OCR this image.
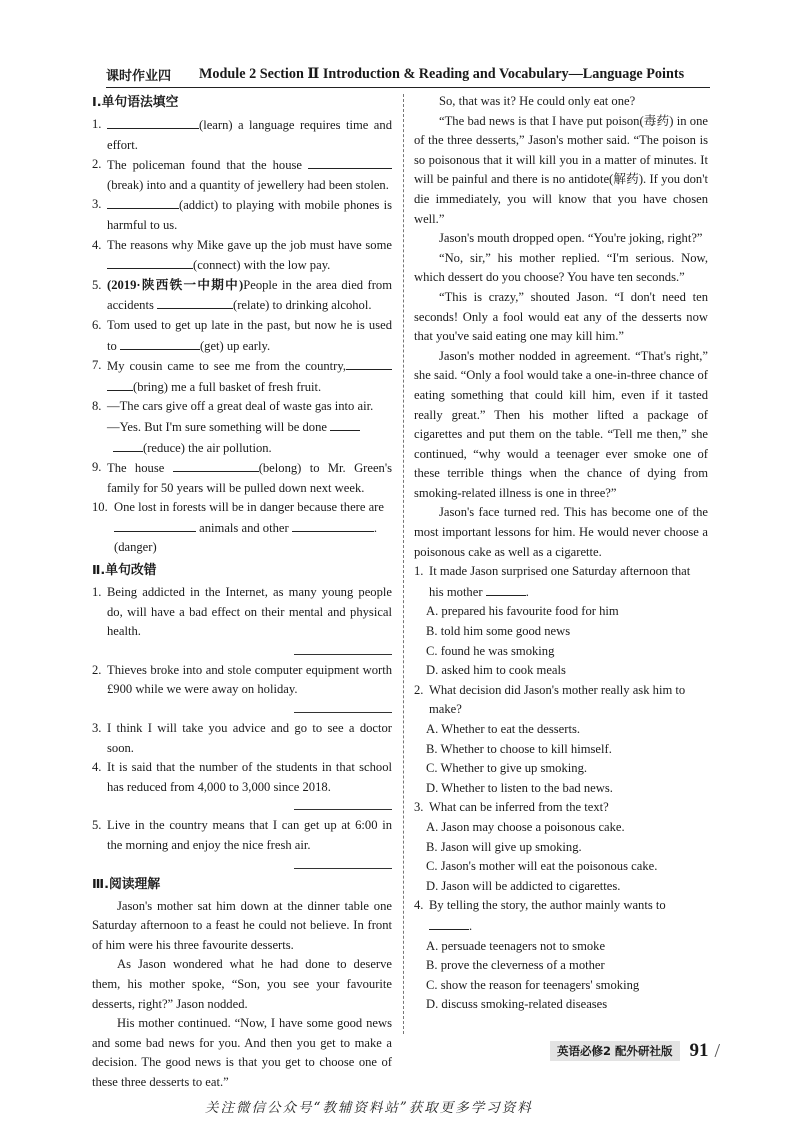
课时作业四 Module 2 Section Ⅱ Introduction & Reading and Vocabulary—Language Points
Ⅰ.单句语法填空
1.	(learn) a language requires time and effort.
2. The policeman found that the house  (break) into and a quantity of jewellery had been stolen.
3.	(addict) to playing with mobile phones is harmful to us.
4. The reasons why Mike gave up the job must have some (connect) with the low pay.
5. (2019·陕西铁一中期中)People in the area died from accidents	(relate) to drinking alcohol.
6. Tom used to get up late in the past, but now he is used to	(get) up early.
7. My cousin came to see me from the country, (bring) me a full basket of fresh fruit.
8. —The cars give off a great deal of waste gas into air.
—Yes. But I'm sure something will be done
(reduce) the air pollution.
9. The house	(belong) to Mr. Green's family for 50 years will be pulled down next week.
10. One lost in forests will be in danger because there are
animals and other	.
(danger)
Ⅱ.单句改错
1. Being addicted in the Internet, as many young people do, will have a bad effect on their mental and physical health.
2. Thieves broke into and stole computer equipment worth £900 while we were away on holiday.
3. I think I will take you advice and go to see a doctor soon.
4. It is said that the number of the students in that school has reduced from 4,000 to 3,000 since 2018.
5. Live in the country means that I can get up at 6:00 in the morning and enjoy the nice fresh air.
Ⅲ.阅读理解
Jason's mother sat him down at the dinner table one Saturday afternoon to a feast he could not believe. In front of him were his three favourite desserts.
As Jason wondered what he had done to deserve them, his mother spoke, “Son, you see your favourite desserts, right?” Jason nodded.
His mother continued. “Now, I have some good news and some bad news for you. And then you get to make a decision. The good news is that you get to choose one of these three desserts to eat.”
So, that was it? He could only eat one?
“The bad news is that I have put poison(毒药) in one of the three desserts,” Jason's mother said. “The poison is so poisonous that it will kill you in a matter of minutes. It will be painful and there is no antidote(解药). If you don't die immediately, you will know that you have chosen well.”
Jason's mouth dropped open. “You're joking, right?”
“No, sir,” his mother replied. “I'm serious. Now, which dessert do you choose? You have ten seconds.”
“This is crazy,” shouted Jason. “I don't need ten seconds! Only a fool would eat any of the desserts now that you've said eating one may kill him.”
Jason's mother nodded in agreement. “That's right,” she said. “Only a fool would take a one-in-three chance of eating something that could kill him, even if it tasted really great.” Then his mother lifted a package of cigarettes and put them on the table. “Tell me then,” she continued, “why would a teenager ever smoke one of these terrible things when the chance of dying from smoking-related illness is one in three?”
Jason's face turned red. This has become one of the most important lessons for him. He would never choose a poisonous cake as well as a cigarette.
1. It made Jason surprised one Saturday afternoon that his mother	.
A. prepared his favourite food for him
B. told him some good news
C. found he was smoking
D. asked him to cook meals
2. What decision did Jason's mother really ask him to make?
A. Whether to eat the desserts.
B. Whether to choose to kill himself.
C. Whether to give up smoking.
D. Whether to listen to the bad news.
3. What can be inferred from the text?
A. Jason may choose a poisonous cake.
B. Jason will give up smoking.
C. Jason's mother will eat the poisonous cake.
D. Jason will be addicted to cigarettes.
4. By telling the story, the author mainly wants to .
A. persuade teenagers not to smoke
B. prove the cleverness of a mother
C. show the reason for teenagers' smoking
D. discuss smoking-related diseases
英语必修2 配外研社版 91 /
关注微信公众号“教辅资料站”获取更多学习资料
